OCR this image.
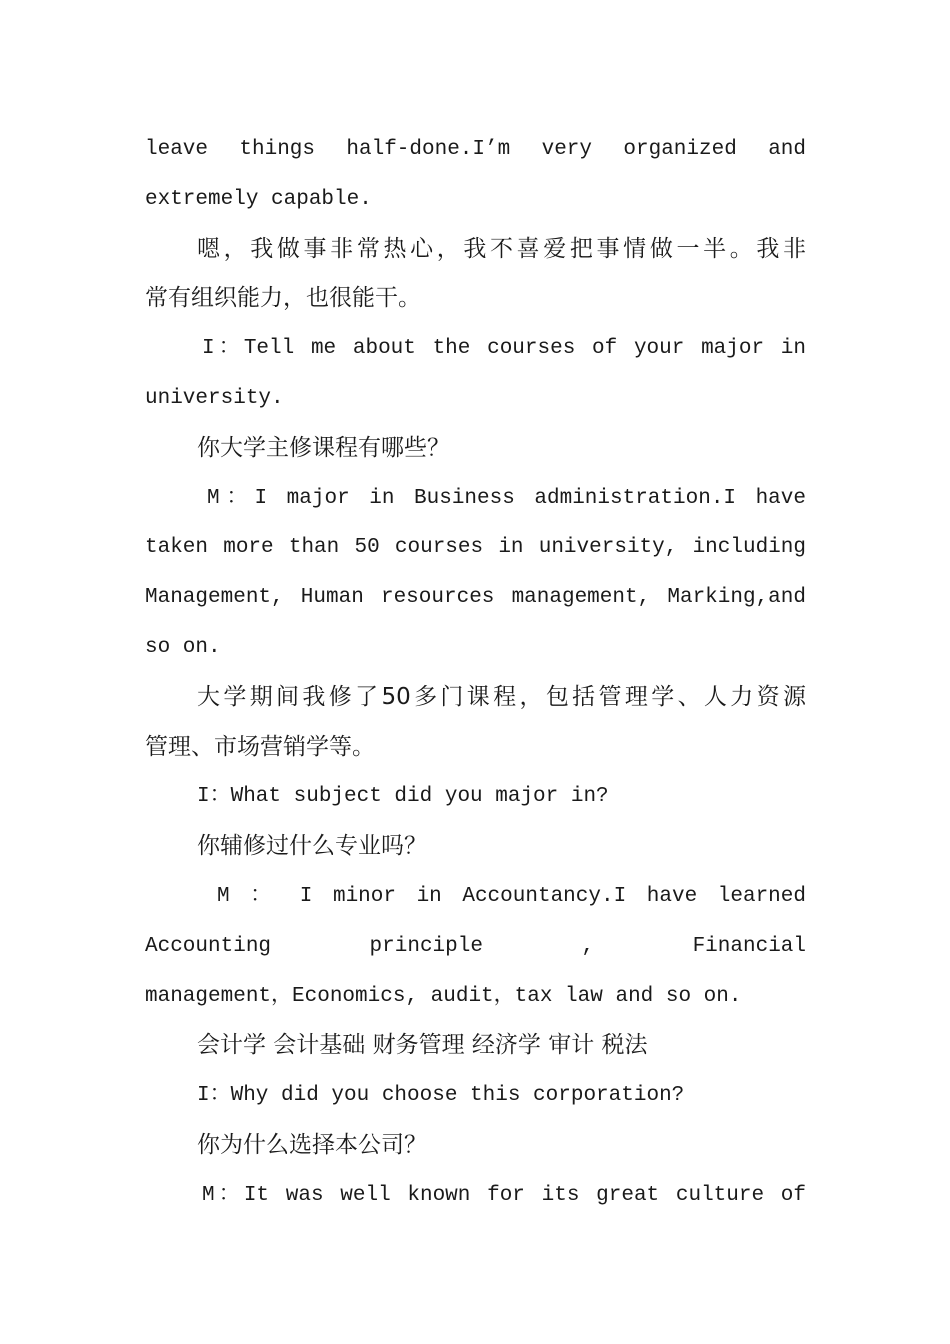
leave things half-done.I’m very organized and
extremely capable.
嗯，我做事非常热心，我不喜爱把事情做一半。我非
常有组织能力，也很能干。
I：Tell me about the courses of your major in
university.
你大学主修课程有哪些？
M：I major in Business administration.I have
taken more than 50 courses in university, including
Management, Human resources management, Marking,and
so on.
大学期间我修了50多门课程，包括管理学、人力资源
管理、市场营销学等。
I：What subject did you major in?
你辅修过什么专业吗？
M ： I minor in Accountancy.I have learned
Accounting principle , Financial
management，Economics, audit，tax law and so on.
会计学 会计基础 财务管理 经济学 审计 税法
I：Why did you choose this corporation?
你为什么选择本公司？
M：It was well known for its great culture of
